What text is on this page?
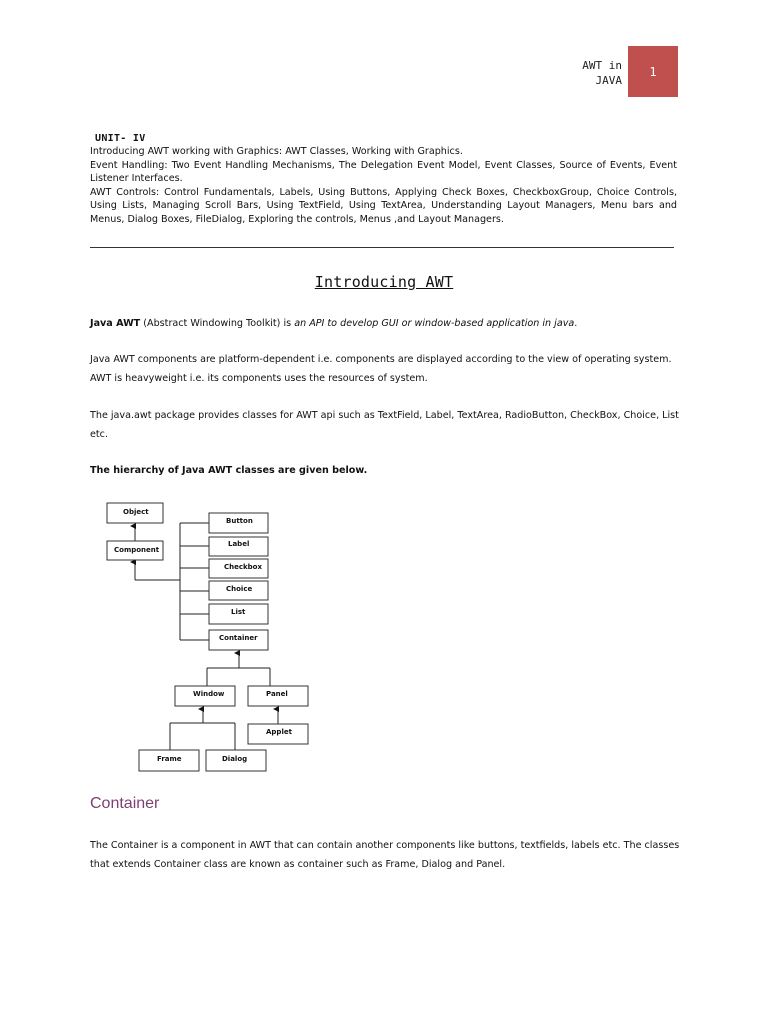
AWT in
JAVA
1
UNIT- IV

Introducing AWT working with Graphics: AWT Classes, Working with Graphics.

Event Handling: Two Event Handling Mechanisms, The Delegation Event Model, Event Classes, Source of Events, Event Listener Interfaces.

AWT Controls: Control Fundamentals, Labels, Using Buttons, Applying Check Boxes, CheckboxGroup, Choice Controls, Using Lists, Managing Scroll Bars, Using TextField, Using TextArea, Understanding Layout Managers, Menu bars and Menus, Dialog Boxes, FileDialog, Exploring the controls, Menus ,and Layout Managers.

Introducing AWT

Java AWT (Abstract Windowing Toolkit) is an API to develop GUI or window-based application in java.

Java AWT components are platform-dependent i.e. components are displayed according to the view of operating system. AWT is heavyweight i.e. its components uses the resources of system.

The java.awt package provides classes for AWT api such as TextField, Label, TextArea, RadioButton, CheckBox, Choice, List etc.

The hierarchy of Java AWT classes are given below.
Object
Component
Button
Label
Checkbox
Choice
List
Container
Window	Panel
Applet
Frame	Dialog
Container

The Container is a component in AWT that can contain another components like buttons, textfields, labels etc. The classes that extends Container class are known as container such as Frame, Dialog and Panel.
